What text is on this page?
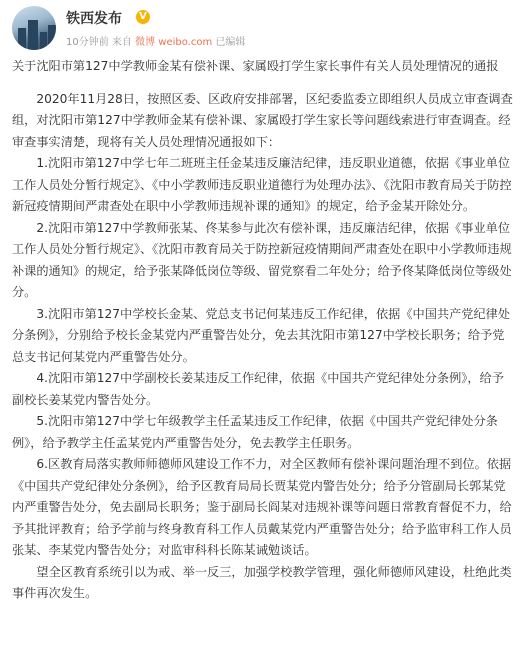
铁西发布	V
10分钟前 来自 微博 weibo.com 已编辑

关于沈阳市第127中学教师金某有偿补课、家属殴打学生家长事件有关人员处理情况的通报

2020年11月28日，按照区委、区政府安排部署，区纪委监委立即组织人员成立审查调查组，对沈阳市第127中学教师金某有偿补课、家属殴打学生家长等问题线索进行审查调查。经审查事实清楚，现将有关人员处理情况通报如下：

1.沈阳市第127中学七年二班班主任金某违反廉洁纪律，违反职业道德，依据《事业单位工作人员处分暂行规定》、《中小学教师违反职业道德行为处理办法》、《沈阳市教育局关于防控新冠疫情期间严肃查处在职中小学教师违规补课的通知》的规定，给予金某开除处分。

2.沈阳市第127中学教师张某、佟某参与此次有偿补课，违反廉洁纪律，依据《事业单位工作人员处分暂行规定》、《沈阳市教育局关于防控新冠疫情期间严肃查处在职中小学教师违规补课的通知》的规定，给予张某降低岗位等级、留党察看二年处分；给予佟某降低岗位等级处分。

3.沈阳市第127中学校长金某、党总支书记何某违反工作纪律，依据《中国共产党纪律处分条例》，分别给予校长金某党内严重警告处分，免去其沈阳市第127中学校长职务；给予党总支书记何某党内严重警告处分。

4.沈阳市第127中学副校长姜某违反工作纪律，依据《中国共产党纪律处分条例》，给予副校长姜某党内警告处分。

5.沈阳市第127中学七年级教学主任孟某违反工作纪律，依据《中国共产党纪律处分条例》，给予教学主任孟某党内严重警告处分，免去教学主任职务。

6.区教育局落实教师师德师风建设工作不力，对全区教师有偿补课问题治理不到位。依据《中国共产党纪律处分条例》，给予区教育局局长贾某党内警告处分；给予分管副局长郭某党内严重警告处分，免去副局长职务；鉴于副局长阎某对违规补课等问题日常教育督促不力，给予其批评教育；给予学前与终身教育科工作人员戴某党内严重警告处分；给予监审科工作人员张某、李某党内警告处分；对监审科科长陈某诫勉谈话。

望全区教育系统引以为戒、举一反三，加强学校教学管理，强化师德师风建设，杜绝此类事件再次发生。
